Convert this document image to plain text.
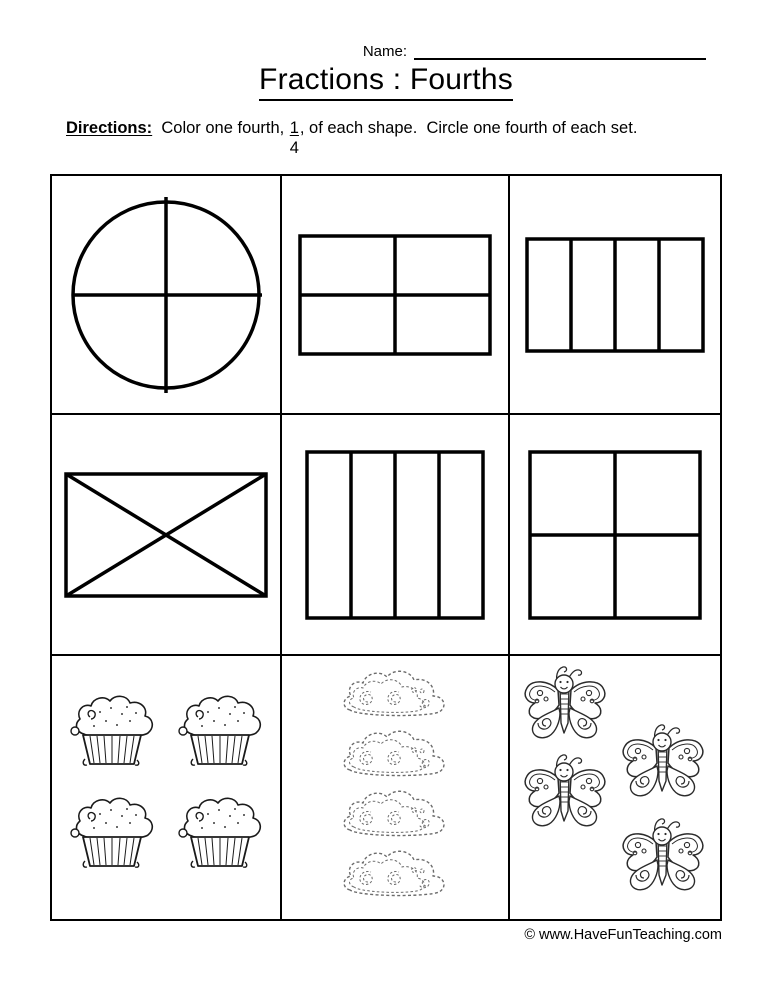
Name:
Fractions : Fourths
Directions: Color one fourth, $\frac{1}{4}$ , of each shape. Circle one fourth of each set.
© www.HaveFunTeaching.com
